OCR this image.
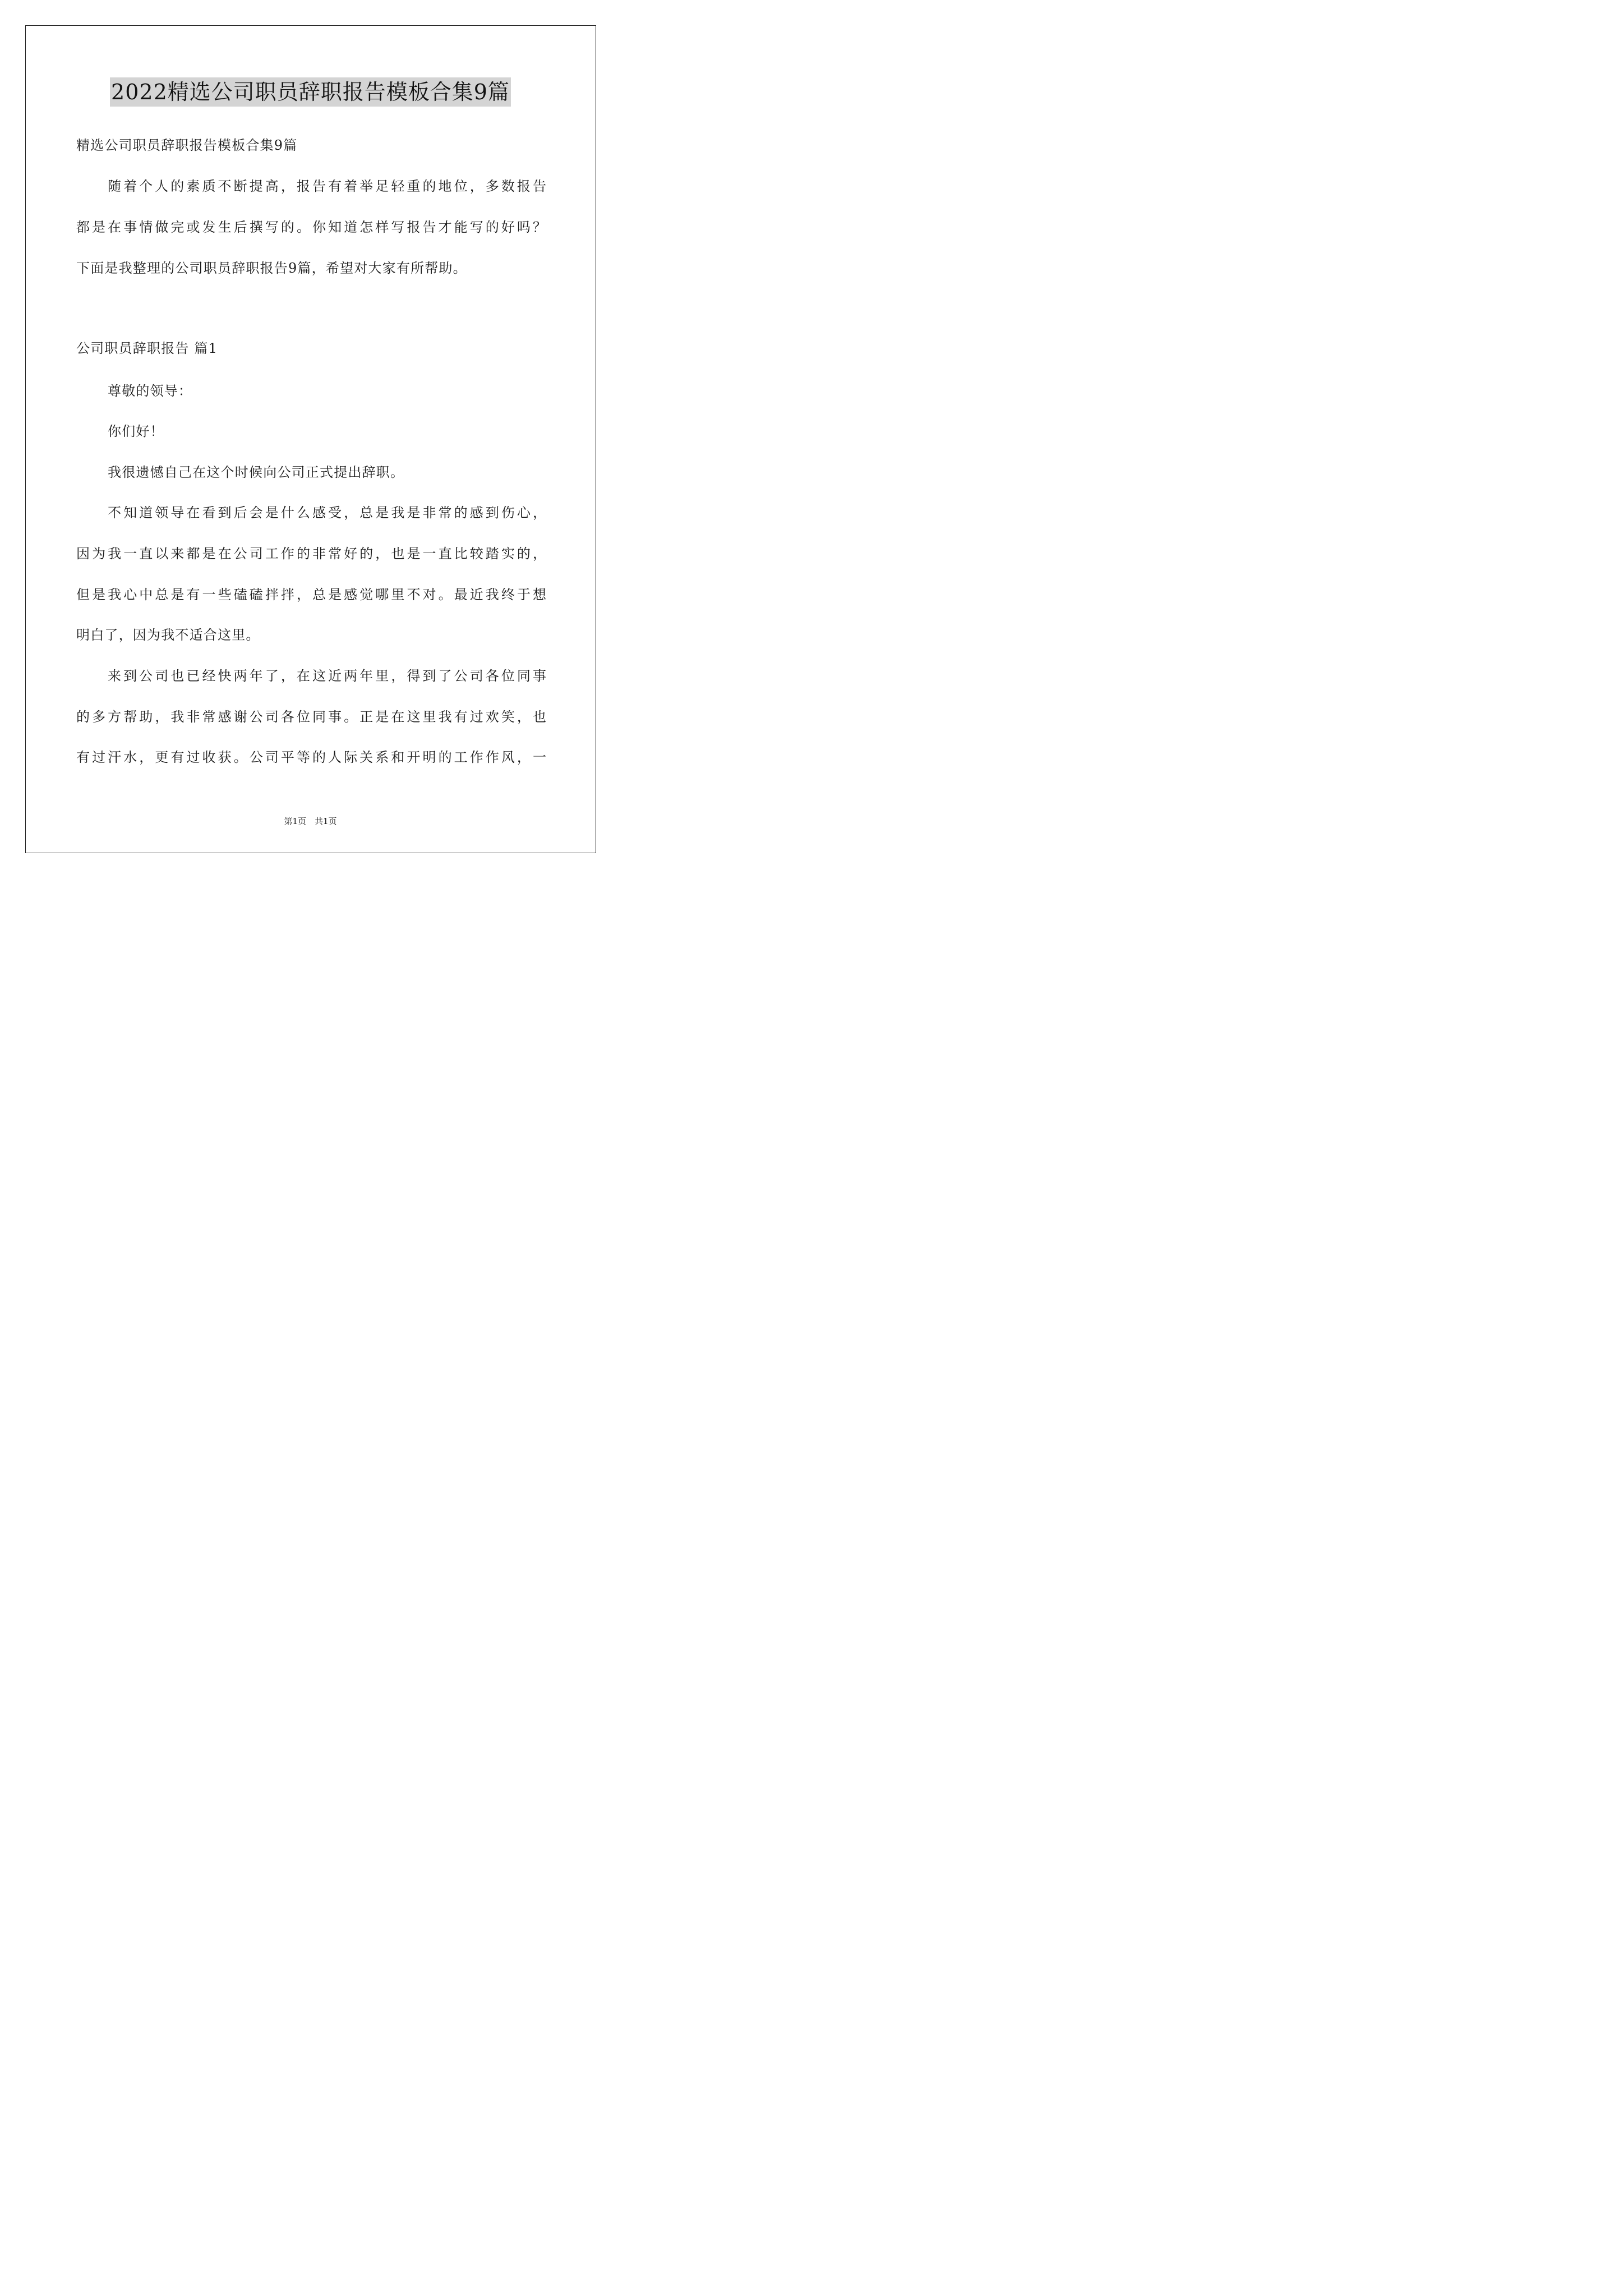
2022精选公司职员辞职报告模板合集9篇
精选公司职员辞职报告模板合集9篇
随着个人的素质不断提高，报告有着举足轻重的地位，多数报告
都是在事情做完或发生后撰写的。你知道怎样写报告才能写的好吗？
下面是我整理的公司职员辞职报告9篇，希望对大家有所帮助。
公司职员辞职报告 篇1
尊敬的领导：
你们好！
我很遗憾自己在这个时候向公司正式提出辞职。
不知道领导在看到后会是什么感受，总是我是非常的感到伤心，
因为我一直以来都是在公司工作的非常好的，也是一直比较踏实的，
但是我心中总是有一些磕磕拌拌，总是感觉哪里不对。最近我终于想
明白了，因为我不适合这里。
来到公司也已经快两年了，在这近两年里，得到了公司各位同事
的多方帮助，我非常感谢公司各位同事。正是在这里我有过欢笑，也
有过汗水，更有过收获。公司平等的人际关系和开明的工作作风，一
第1页　共1页
